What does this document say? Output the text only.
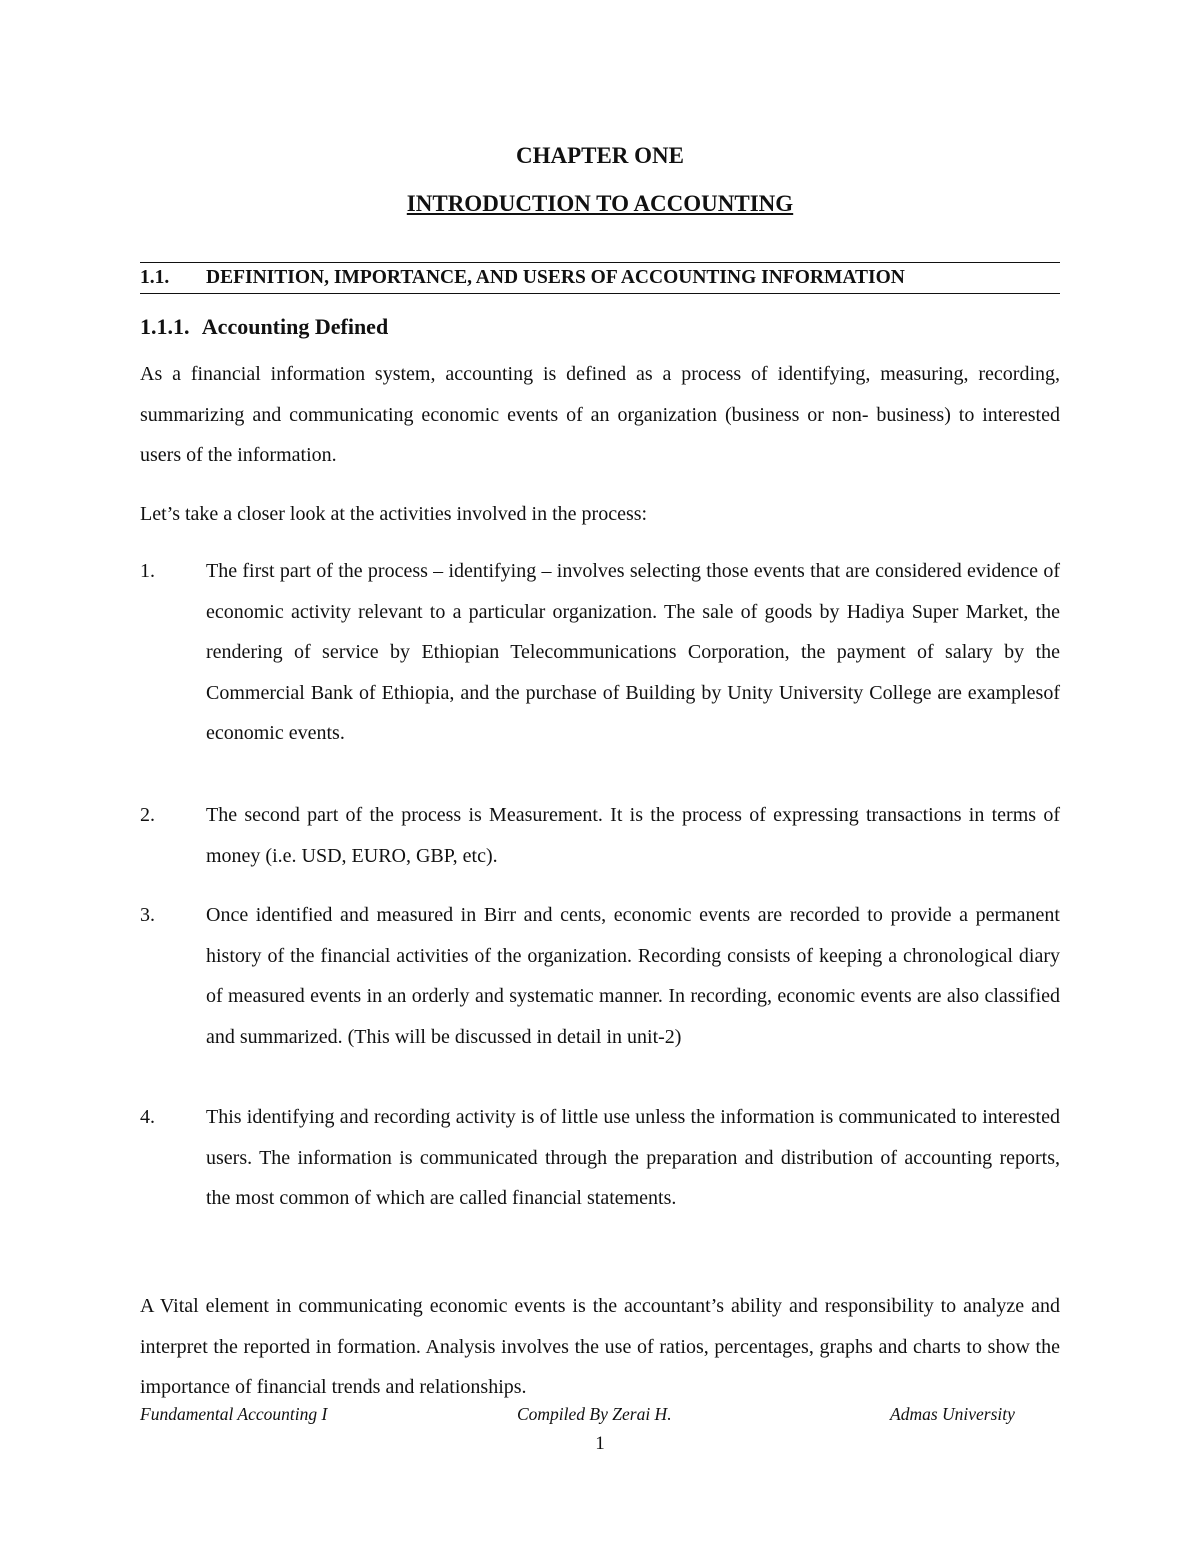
CHAPTER ONE
INTRODUCTION TO ACCOUNTING
1.1.	DEFINITION, IMPORTANCE, AND USERS OF ACCOUNTING INFORMATION
1.1.1. Accounting Defined

As a financial information system, accounting is defined as a process of identifying, measuring, recording, summarizing and communicating economic events of an organization (business or non- business) to interested users of the information.

Let’s take a closer look at the activities involved in the process:

1.	The first part of the process – identifying – involves selecting those events that are considered evidence of economic activity relevant to a particular organization. The sale of goods by Hadiya Super Market, the rendering of service by Ethiopian Telecommunications Corporation, the payment of salary by the Commercial Bank of Ethiopia, and the purchase of Building by Unity University College are examplesof economic events.
2.	The second part of the process is Measurement. It is the process of expressing transactions in terms of money (i.e. USD, EURO, GBP, etc).
3.	Once identified and measured in Birr and cents, economic events are recorded to provide a permanent history of the financial activities of the organization. Recording consists of keeping a chronological diary of measured events in an orderly and systematic manner. In recording, economic events are also classified and summarized. (This will be discussed in detail in unit-2)
4.	This identifying and recording activity is of little use unless the information is communicated to interested users. The information is communicated through the preparation and distribution of accounting reports, the most common of which are called financial statements.

A Vital element in communicating economic events is the accountant’s ability and responsibility to analyze and interpret the reported in formation. Analysis involves the use of ratios, percentages, graphs and charts to show the importance of financial trends and relationships.

Fundamental Accounting I	Compiled By Zerai H.	Admas University
1
